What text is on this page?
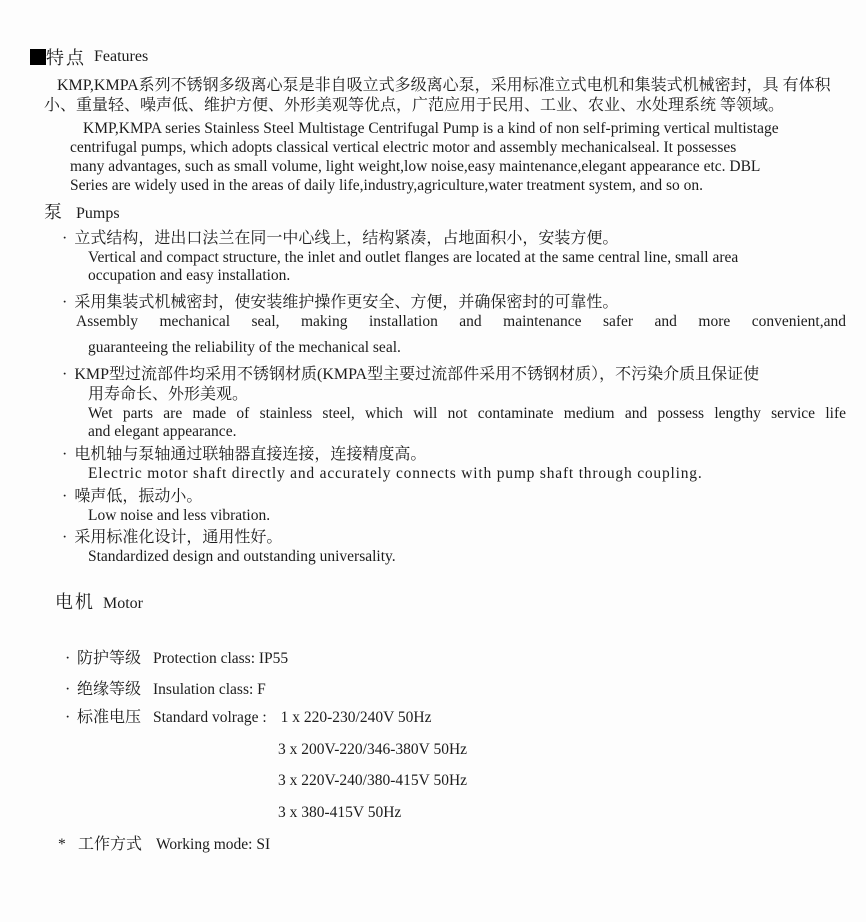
特点 Features
KMP,KMPA系列不锈钢多级离心泵是非自吸立式多级离心泵，采用标准立式电机和集装式机械密封，具 有体积
小、重量轻、噪声低、维护方便、外形美观等优点，广范应用于民用、工业、农业、水处理系统 等领域。
KMP,KMPA series Stainless Steel Multistage Centrifugal Pump is a kind of non self-priming vertical multistage
centrifugal pumps, which adopts classical vertical electric motor and assembly mechanicalseal. It possesses
many advantages, such as small volume, light weight,low noise,easy maintenance,elegant appearance etc. DBL
Series are widely used in the areas of daily life,industry,agriculture,water treatment system, and so on.
泵 Pumps
· 立式结构，进出口法兰在同一中心线上，结构紧凑，占地面积小，安装方便。
Vertical and compact structure, the inlet and outlet flanges are located at the same central line, small area
occupation and easy installation.
· 采用集装式机械密封，使安装维护操作更安全、方便，并确保密封的可靠性。
Assembly mechanical seal, making installation and maintenance safer and more convenient,and
guaranteeing the reliability of the mechanical seal.
· KMP型过流部件均采用不锈钢材质(KMPA型主要过流部件采用不锈钢材质），不污染介质且保证使
用寿命长、外形美观。
Wet parts are made of stainless steel, which will not contaminate medium and possess lengthy service life
and elegant appearance.
· 电机轴与泵轴通过联轴器直接连接，连接精度高。
Electric motor shaft directly and accurately connects with pump shaft through coupling.
· 噪声低，振动小。
Low noise and less vibration.
· 采用标准化设计，通用性好。
Standardized design and outstanding universality.
电机 Motor
· 防护等级 Protection class: IP55
· 绝缘等级 Insulation class: F
· 标准电压 Standard volrage : 1 x 220-230/240V 50Hz
3 x 200V-220/346-380V 50Hz
3 x 220V-240/380-415V 50Hz
3 x 380-415V 50Hz
* 工作方式 Working mode: SI
